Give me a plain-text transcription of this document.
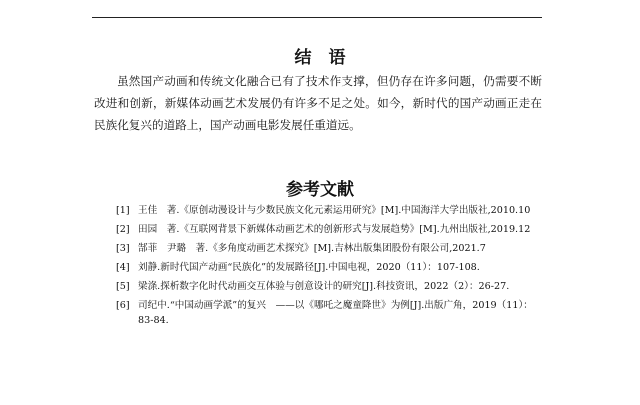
结　语

虽然国产动画和传统文化融合已有了技术作支撑，但仍存在许多问题，仍需要不断改进和创新，新媒体动画艺术发展仍有许多不足之处。如今，新时代的国产动画正走在民族化复兴的道路上，国产动画电影发展任重道远。

参考文献
[1] 王佳　著.《原创动漫设计与少数民族文化元素运用研究》[M].中国海洋大学出版社,2010.10
[2] 田园　著.《互联网背景下新媒体动画艺术的创新形式与发展趋势》[M].九州出版社,2019.12
[3] 郜菲　尹璐　著.《多角度动画艺术探究》[M].吉林出版集团股份有限公司,2021.7
[4] 刘静.新时代国产动画“民族化”的发展路径[J].中国电视，2020（11）：107-108.
[5] 梁涤.探析数字化时代动画交互体验与创意设计的研究[J].科技资讯，2022（2）：26-27.
[6] 司纪中.“中国动画学派”的复兴　——以《哪吒之魔童降世》为例[J].出版广角，2019（11）：83-84.
